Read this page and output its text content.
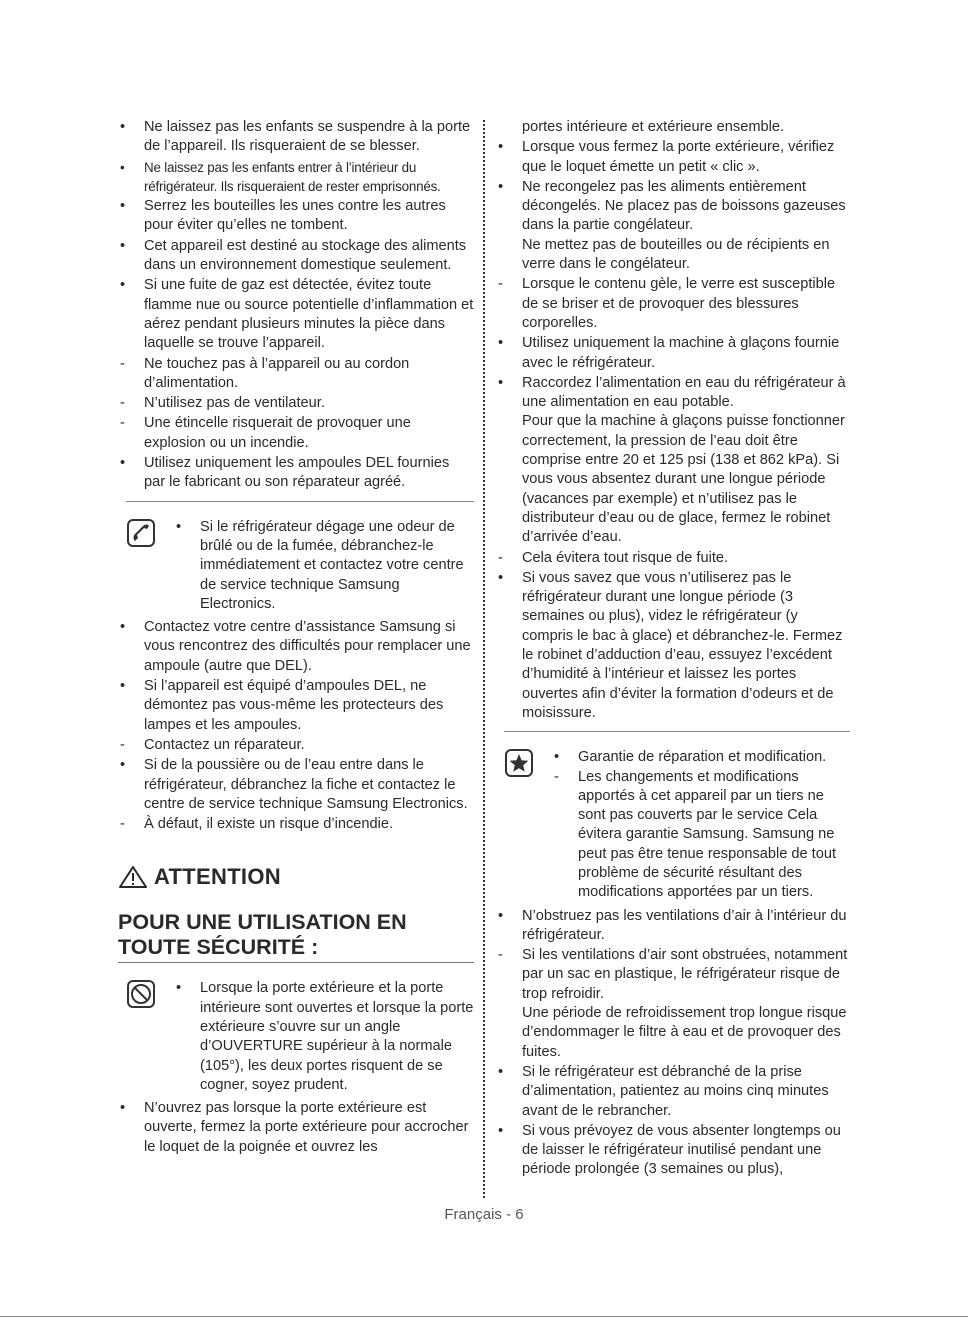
•	Ne laissez pas les enfants se suspendre à la porte de l’appareil. Ils risqueraient de se blesser.
•	Ne laissez pas les enfants entrer à l’intérieur du réfrigérateur. Ils risqueraient de rester emprisonnés.
•	Serrez les bouteilles les unes contre les autres pour éviter qu’elles ne tombent.
•	Cet appareil est destiné au stockage des aliments dans un environnement domestique seulement.
•	Si une fuite de gaz est détectée, évitez toute flamme nue ou source potentielle d’inflammation et aérez pendant plusieurs minutes la pièce dans laquelle se trouve l’appareil.
-	Ne touchez pas à l’appareil ou au cordon d’alimentation.
-	N’utilisez pas de ventilateur.
-	Une étincelle risquerait de provoquer une explosion ou un incendie.
•	Utilisez uniquement les ampoules DEL fournies par le fabricant ou son réparateur agréé.
•	Si le réfrigérateur dégage une odeur de brûlé ou de la fumée, débranchez-le immédiatement et contactez votre centre de service technique Samsung Electronics.
•	Contactez votre centre d’assistance Samsung si vous rencontrez des difficultés pour remplacer une ampoule (autre que DEL).
•	Si l’appareil est équipé d’ampoules DEL, ne démontez pas vous-même les protecteurs des lampes et les ampoules.
-	Contactez un réparateur.
•	Si de la poussière ou de l’eau entre dans le réfrigérateur, débranchez la fiche et contactez le centre de service technique Samsung Electronics.
-	À défaut, il existe un risque d’incendie.
ATTENTION
POUR UNE UTILISATION EN TOUTE SÉCURITÉ :
•	Lorsque la porte extérieure et la porte intérieure sont ouvertes et lorsque la porte extérieure s’ouvre sur un angle d’OUVERTURE supérieur à la normale (105°), les deux portes risquent de se cogner, soyez prudent.
•	N’ouvrez pas lorsque la porte extérieure est ouverte, fermez la porte extérieure pour accrocher le loquet de la poignée et ouvrez les
portes intérieure et extérieure ensemble.
•	Lorsque vous fermez la porte extérieure, vérifiez que le loquet émette un petit « clic ».
•	Ne recongelez pas les aliments entièrement décongelés. Ne placez pas de boissons gazeuses dans la partie congélateur.
Ne mettez pas de bouteilles ou de récipients en verre dans le congélateur.
-	Lorsque le contenu gèle, le verre est susceptible de se briser et de provoquer des blessures corporelles.
•	Utilisez uniquement la machine à glaçons fournie avec le réfrigérateur.
•	Raccordez l’alimentation en eau du réfrigérateur à une alimentation en eau potable.
Pour que la machine à glaçons puisse fonctionner correctement, la pression de l’eau doit être comprise entre 20 et 125 psi (138 et 862 kPa). Si vous vous absentez durant une longue période (vacances par exemple) et n’utilisez pas le distributeur d’eau ou de glace, fermez le robinet d’arrivée d’eau.
-	Cela évitera tout risque de fuite.
•	Si vous savez que vous n’utiliserez pas le réfrigérateur durant une longue période (3 semaines ou plus), videz le réfrigérateur (y compris le bac à glace) et débranchez-le. Fermez le robinet d’adduction d’eau, essuyez l’excédent d’humidité à l’intérieur et laissez les portes ouvertes afin d’éviter la formation d’odeurs et de moisissure.
•	Garantie de réparation et modification.
-	Les changements et modifications apportés à cet appareil par un tiers ne sont pas couverts par le service Cela évitera garantie Samsung. Samsung ne peut pas être tenue responsable de tout problème de sécurité résultant des modifications apportées par un tiers.
•	N’obstruez pas les ventilations d’air à l’intérieur du réfrigérateur.
-	Si les ventilations d’air sont obstruées, notamment par un sac en plastique, le réfrigérateur risque de trop refroidir.
Une période de refroidissement trop longue risque d’endommager le filtre à eau et de provoquer des fuites.
•	Si le réfrigérateur est débranché de la prise d’alimentation, patientez au moins cinq minutes avant de le rebrancher.
•	Si vous prévoyez de vous absenter longtemps ou de laisser le réfrigérateur inutilisé pendant une période prolongée (3 semaines ou plus),
Français - 6
